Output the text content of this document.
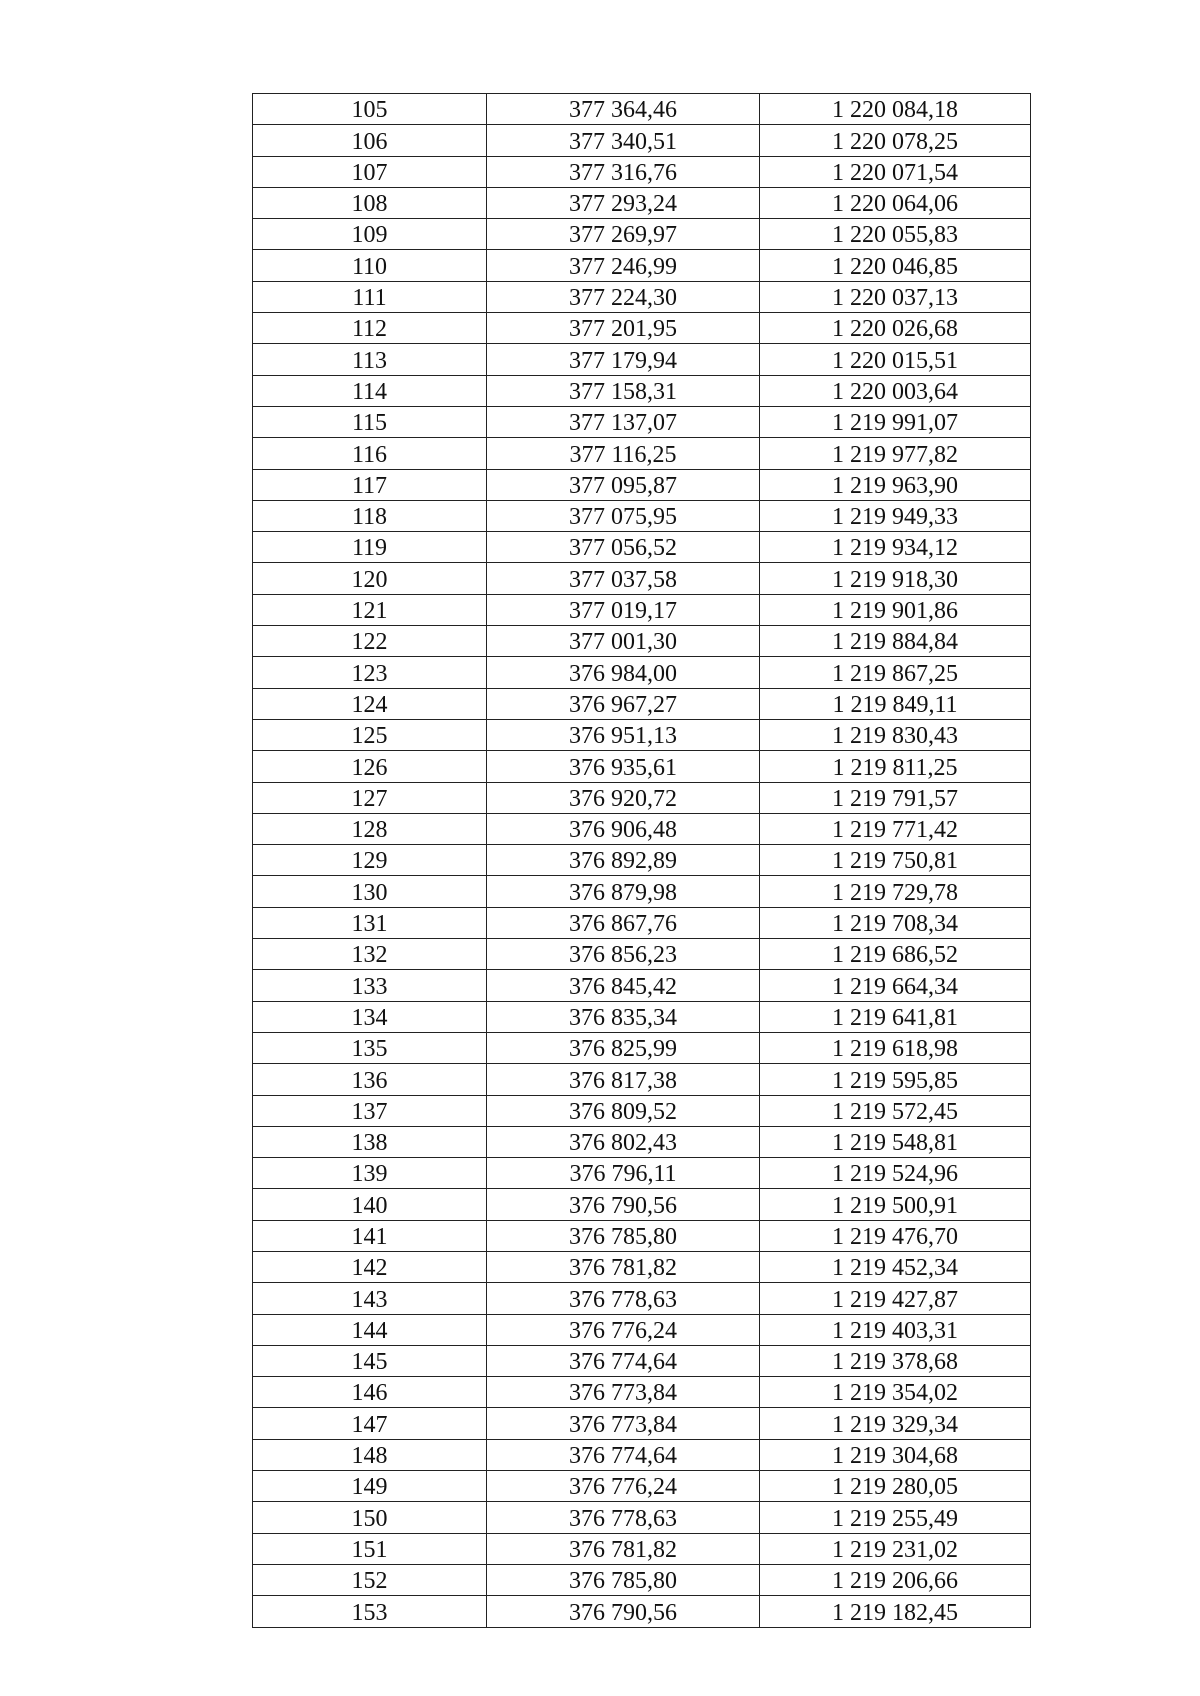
105	377 364,46	1 220 084,18
106	377 340,51	1 220 078,25
107	377 316,76	1 220 071,54
108	377 293,24	1 220 064,06
109	377 269,97	1 220 055,83
110	377 246,99	1 220 046,85
111	377 224,30	1 220 037,13
112	377 201,95	1 220 026,68
113	377 179,94	1 220 015,51
114	377 158,31	1 220 003,64
115	377 137,07	1 219 991,07
116	377 116,25	1 219 977,82
117	377 095,87	1 219 963,90
118	377 075,95	1 219 949,33
119	377 056,52	1 219 934,12
120	377 037,58	1 219 918,30
121	377 019,17	1 219 901,86
122	377 001,30	1 219 884,84
123	376 984,00	1 219 867,25
124	376 967,27	1 219 849,11
125	376 951,13	1 219 830,43
126	376 935,61	1 219 811,25
127	376 920,72	1 219 791,57
128	376 906,48	1 219 771,42
129	376 892,89	1 219 750,81
130	376 879,98	1 219 729,78
131	376 867,76	1 219 708,34
132	376 856,23	1 219 686,52
133	376 845,42	1 219 664,34
134	376 835,34	1 219 641,81
135	376 825,99	1 219 618,98
136	376 817,38	1 219 595,85
137	376 809,52	1 219 572,45
138	376 802,43	1 219 548,81
139	376 796,11	1 219 524,96
140	376 790,56	1 219 500,91
141	376 785,80	1 219 476,70
142	376 781,82	1 219 452,34
143	376 778,63	1 219 427,87
144	376 776,24	1 219 403,31
145	376 774,64	1 219 378,68
146	376 773,84	1 219 354,02
147	376 773,84	1 219 329,34
148	376 774,64	1 219 304,68
149	376 776,24	1 219 280,05
150	376 778,63	1 219 255,49
151	376 781,82	1 219 231,02
152	376 785,80	1 219 206,66
153	376 790,56	1 219 182,45
